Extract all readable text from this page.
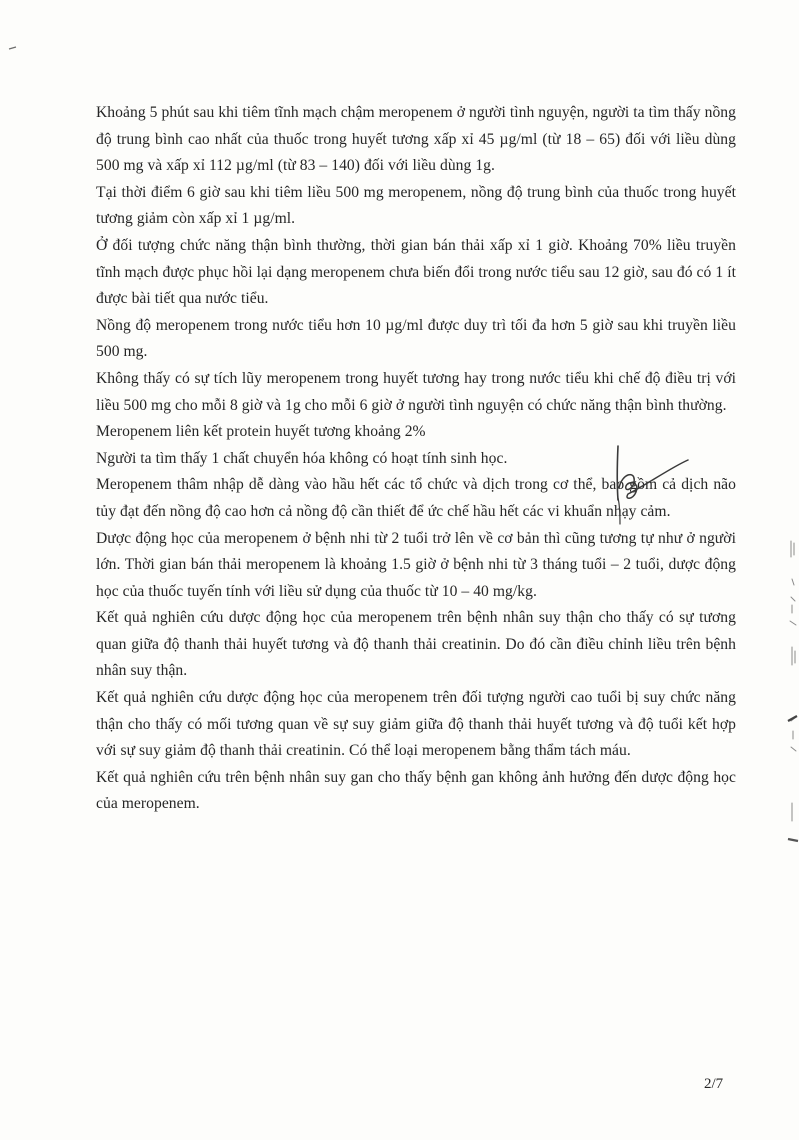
Khoảng 5 phút sau khi tiêm tĩnh mạch chậm meropenem ở người tình nguyện, người ta tìm thấy nồng độ trung bình cao nhất của thuốc trong huyết tương xấp xỉ 45 µg/ml (từ 18 – 65) đối với liều dùng 500 mg và xấp xỉ 112 µg/ml (từ 83 – 140) đối với liều dùng 1g.

Tại thời điểm 6 giờ sau khi tiêm liều 500 mg meropenem, nồng độ trung bình của thuốc trong huyết tương giảm còn xấp xỉ 1 µg/ml.

Ở đối tượng chức năng thận bình thường, thời gian bán thải xấp xỉ 1 giờ. Khoảng 70% liều truyền tĩnh mạch được phục hồi lại dạng meropenem chưa biến đổi trong nước tiểu sau 12 giờ, sau đó có 1 ít được bài tiết qua nước tiểu.

Nồng độ meropenem trong nước tiểu hơn 10 µg/ml được duy trì tối đa hơn 5 giờ sau khi truyền liều 500 mg.

Không thấy có sự tích lũy meropenem trong huyết tương hay trong nước tiểu khi chế độ điều trị với liều 500 mg cho mỗi 8 giờ và 1g cho mỗi 6 giờ ở người tình nguyện có chức năng thận bình thường.

Meropenem liên kết protein huyết tương khoảng 2%

Người ta tìm thấy 1 chất chuyển hóa không có hoạt tính sinh học.

Meropenem thâm nhập dễ dàng vào hầu hết các tổ chức và dịch trong cơ thể, bao gồm cả dịch não tủy đạt đến nồng độ cao hơn cả nồng độ cần thiết để ức chế hầu hết các vi khuẩn nhạy cảm.

Dược động học của meropenem ở bệnh nhi từ 2 tuổi trở lên về cơ bản thì cũng tương tự như ở người lớn. Thời gian bán thải meropenem là khoảng 1.5 giờ ở bệnh nhi từ 3 tháng tuổi – 2 tuổi, dược động học của thuốc tuyến tính với liều sử dụng của thuốc từ 10 – 40 mg/kg.

Kết quả nghiên cứu dược động học của meropenem trên bệnh nhân suy thận cho thấy có sự tương quan giữa độ thanh thải huyết tương và độ thanh thải creatinin. Do đó cần điều chỉnh liều trên bệnh nhân suy thận.

Kết quả nghiên cứu dược động học của meropenem trên đối tượng người cao tuổi bị suy chức năng thận cho thấy có mối tương quan về sự suy giảm giữa độ thanh thải huyết tương và độ tuổi kết hợp với sự suy giảm độ thanh thải creatinin. Có thể loại meropenem bằng thẩm tách máu.

Kết quả nghiên cứu trên bệnh nhân suy gan cho thấy bệnh gan không ảnh hưởng đến dược động học của meropenem.

2/7
